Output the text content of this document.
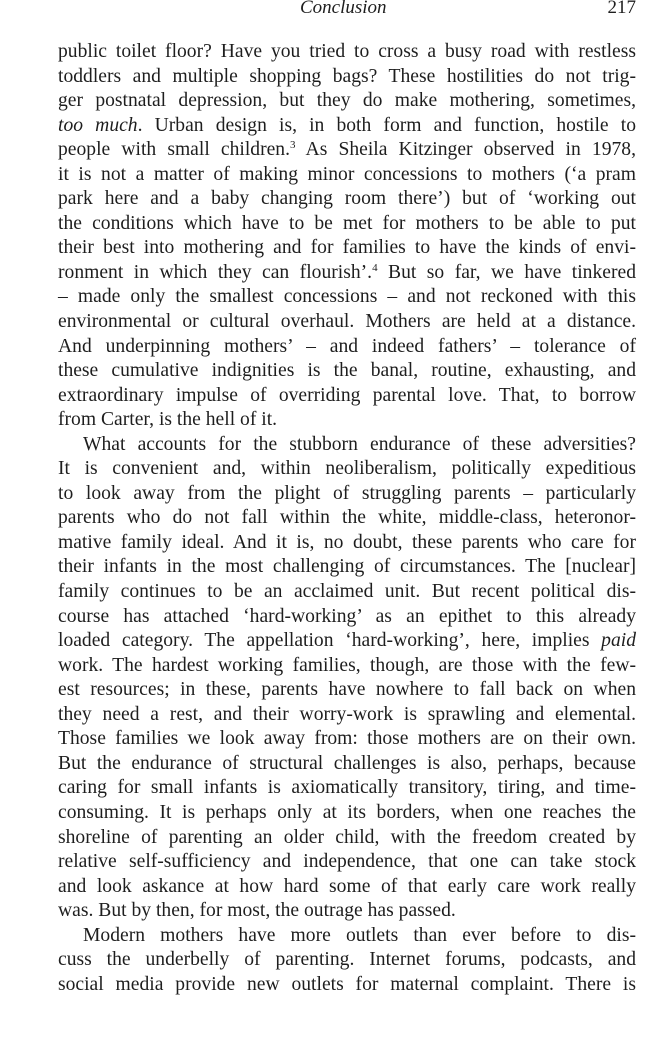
Conclusion	217
public toilet floor? Have you tried to cross a busy road with restless
toddlers and multiple shopping bags? These hostilities do not trig-
ger postnatal depression, but they do make mothering, sometimes,
too much. Urban design is, in both form and function, hostile to
people with small children.$^3$ As Sheila Kitzinger observed in 1978,
it is not a matter of making minor concessions to mothers (‘a pram
park here and a baby changing room there’) but of ‘working out
the conditions which have to be met for mothers to be able to put
their best into mothering and for families to have the kinds of envi-
ronment in which they can flourish’.$^4$ But so far, we have tinkered
– made only the smallest concessions – and not reckoned with this
environmental or cultural overhaul. Mothers are held at a distance.
And underpinning mothers’ – and indeed fathers’ – tolerance of
these cumulative indignities is the banal, routine, exhausting, and
extraordinary impulse of overriding parental love. That, to borrow
from Carter, is the hell of it.
What accounts for the stubborn endurance of these adversities?
It is convenient and, within neoliberalism, politically expeditious
to look away from the plight of struggling parents – particularly
parents who do not fall within the white, middle-class, heteronor-
mative family ideal. And it is, no doubt, these parents who care for
their infants in the most challenging of circumstances. The [nuclear]
family continues to be an acclaimed unit. But recent political dis-
course has attached ‘hard-working’ as an epithet to this already
loaded category. The appellation ‘hard-working’, here, implies paid
work. The hardest working families, though, are those with the few-
est resources; in these, parents have nowhere to fall back on when
they need a rest, and their worry-work is sprawling and elemental.
Those families we look away from: those mothers are on their own.
But the endurance of structural challenges is also, perhaps, because
caring for small infants is axiomatically transitory, tiring, and time-
consuming. It is perhaps only at its borders, when one reaches the
shoreline of parenting an older child, with the freedom created by
relative self-sufficiency and independence, that one can take stock
and look askance at how hard some of that early care work really
was. But by then, for most, the outrage has passed.
Modern mothers have more outlets than ever before to dis-
cuss the underbelly of parenting. Internet forums, podcasts, and
social media provide new outlets for maternal complaint. There is
